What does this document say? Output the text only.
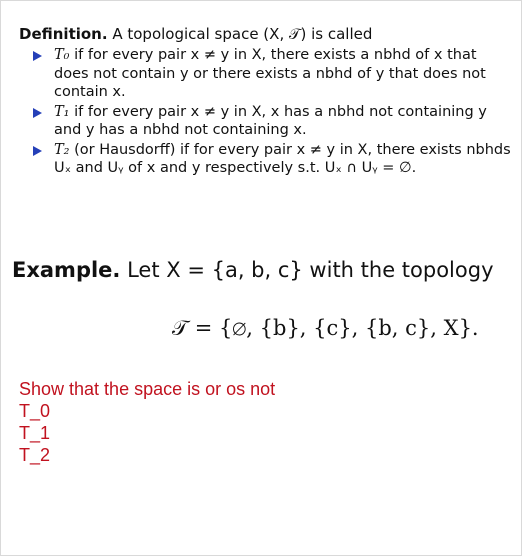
Definition. A topological space (X, 𝒯) is called
T₀ if for every pair x ≠ y in X, there exists a nbhd of x that does not contain y or there exists a nbhd of y that does not contain x.
T₁ if for every pair x ≠ y in X, x has a nbhd not containing y and y has a nbhd not containing x.
T₂ (or Hausdorff) if for every pair x ≠ y in X, there exists nbhds Uₓ and Uᵧ of x and y respectively s.t. Uₓ ∩ Uᵧ = ∅.
Example. Let X = {a, b, c} with the topology
𝒯 = {∅, {b}, {c}, {b, c}, X}.
Show that the space is or os not
T_0
T_1
T_2
